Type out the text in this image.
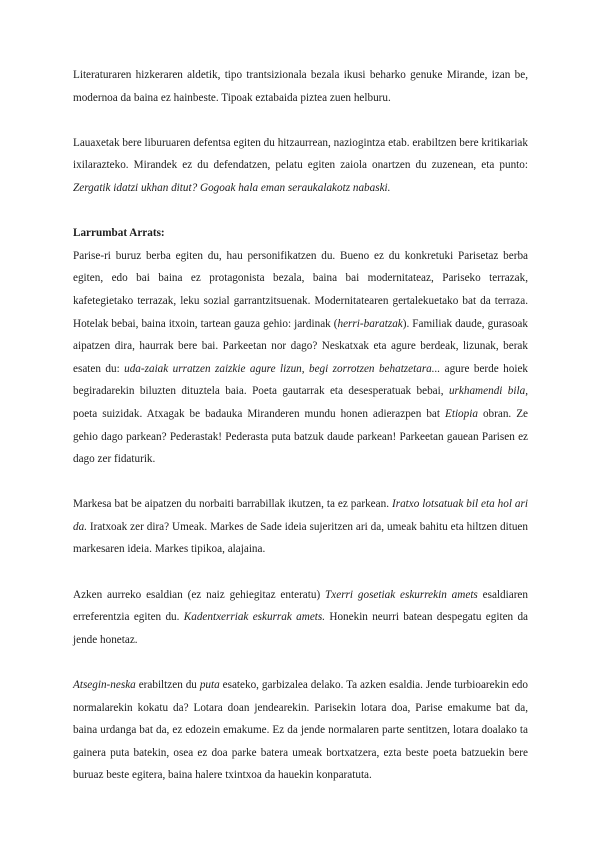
Literaturaren hizkeraren aldetik, tipo trantsizionala bezala ikusi beharko genuke Mirande, izan be, modernoa da baina ez hainbeste. Tipoak eztabaida piztea zuen helburu.

Lauaxetak bere liburuaren defentsa egiten du hitzaurrean, naziogintza etab. erabiltzen bere kritikariak ixilarazteko. Mirandek ez du defendatzen, pelatu egiten zaiola onartzen du zuzenean, eta punto: Zergatik idatzi ukhan ditut? Gogoak hala eman seraukalakotz nabaski.

Larrumbat Arrats:

Parise-ri buruz berba egiten du, hau personifikatzen du. Bueno ez du konkretuki Parisetaz berba egiten, edo bai baina ez protagonista bezala, baina bai modernitateaz, Pariseko terrazak, kafetegietako terrazak, leku sozial garrantzitsuenak. Modernitatearen gertalekuetako bat da terraza. Hotelak bebai, baina itxoin, tartean gauza gehio: jardinak (herri-baratzak). Familiak daude, gurasoak aipatzen dira, haurrak bere bai. Parkeetan nor dago? Neskatxak eta agure berdeak, lizunak, berak esaten du: uda-zaiak urratzen zaizkie agure lizun, begi zorrotzen behatzetara... agure berde hoiek begiradarekin biluzten dituztela baia. Poeta gautarrak eta desesperatuak bebai, urkhamendi bila, poeta suizidak. Atxagak be badauka Miranderen mundu honen adierazpen bat Etiopia obran. Ze gehio dago parkean? Pederastak! Pederasta puta batzuk daude parkean! Parkeetan gauean Parisen ez dago zer fidaturik.

Markesa bat be aipatzen du norbaiti barrabillak ikutzen, ta ez parkean. Iratxo lotsatuak bil eta hol ari da. Iratxoak zer dira? Umeak. Markes de Sade ideia sujeritzen ari da, umeak bahitu eta hiltzen dituen markesaren ideia. Markes tipikoa, alajaina.

Azken aurreko esaldian (ez naiz gehiegitaz enteratu) Txerri gosetiak eskurrekin amets esaldiaren erreferentzia egiten du. Kadentxerriak eskurrak amets. Honekin neurri batean despegatu egiten da jende honetaz.

Atsegin-neska erabiltzen du puta esateko, garbizalea delako. Ta azken esaldia. Jende turbioarekin edo normalarekin kokatu da? Lotara doan jendearekin. Parisekin lotara doa, Parise emakume bat da, baina urdanga bat da, ez edozein emakume. Ez da jende normalaren parte sentitzen, lotara doalako ta gainera puta batekin, osea ez doa parke batera umeak bortxatzera, ezta beste poeta batzuekin bere buruaz beste egitera, baina halere txintxoa da hauekin konparatuta.
